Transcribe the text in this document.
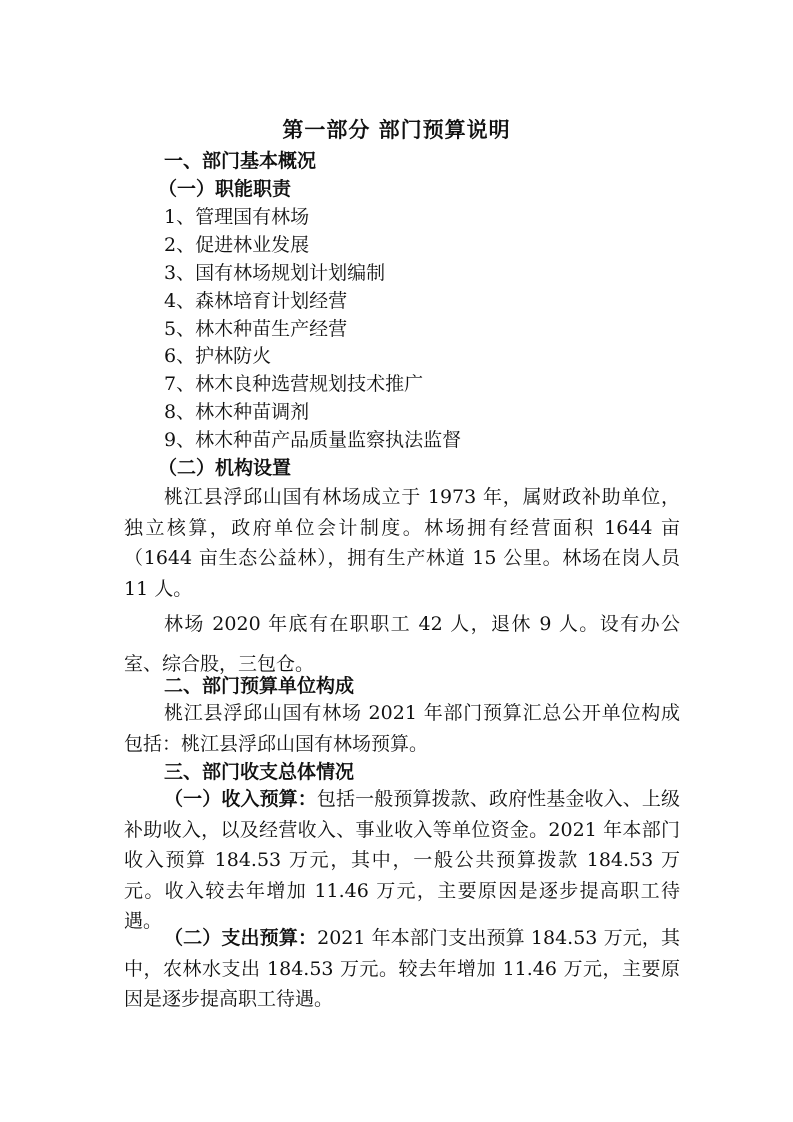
第一部分 部门预算说明
一、部门基本概况
（一）职能职责
1、管理国有林场
2、促进林业发展
3、国有林场规划计划编制
4、森林培育计划经营
5、林木种苗生产经营
6、护林防火
7、林木良种选营规划技术推广
8、林木种苗调剂
9、林木种苗产品质量监察执法监督
（二）机构设置
桃江县浮邱山国有林场成立于 1973 年，属财政补助单位，独立核算，政府单位会计制度。林场拥有经营面积 1644 亩（1644 亩生态公益林），拥有生产林道 15 公里。林场在岗人员 11 人。
林场 2020 年底有在职职工 42 人，退休 9 人。设有办公室、综合股，三包仓。
二、部门预算单位构成
桃江县浮邱山国有林场 2021 年部门预算汇总公开单位构成包括：桃江县浮邱山国有林场预算。
三、部门收支总体情况
（一）收入预算：包括一般预算拨款、政府性基金收入、上级补助收入，以及经营收入、事业收入等单位资金。2021 年本部门收入预算 184.53 万元，其中，一般公共预算拨款 184.53 万元。收入较去年增加 11.46 万元，主要原因是逐步提高职工待遇。
（二）支出预算：2021 年本部门支出预算 184.53 万元，其中，农林水支出 184.53 万元。较去年增加 11.46 万元，主要原因是逐步提高职工待遇。
